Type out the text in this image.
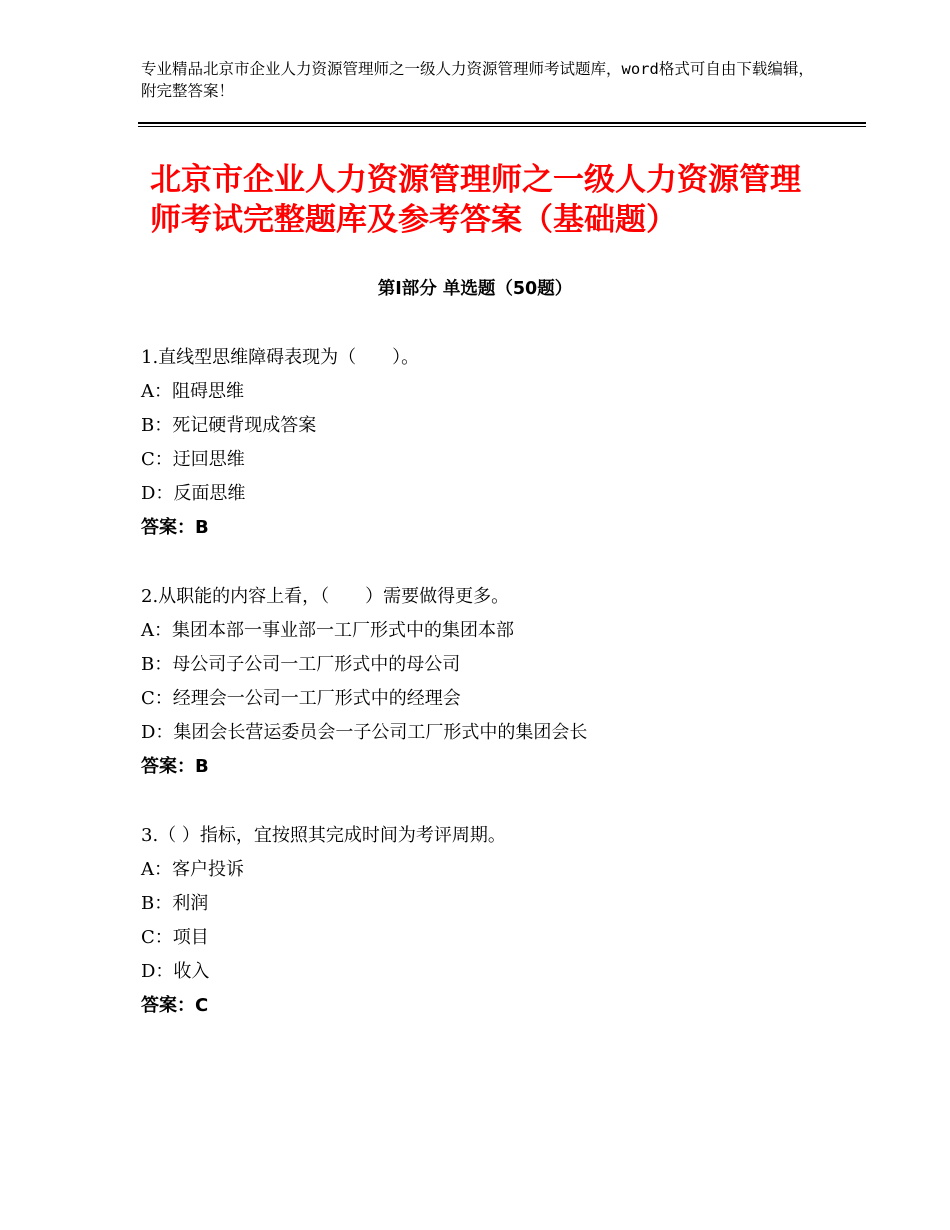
专业精品北京市企业人力资源管理师之一级人力资源管理师考试题库，word格式可自由下载编辑，附完整答案！
北京市企业人力资源管理师之一级人力资源管理师考试完整题库及参考答案（基础题）
第Ⅰ部分 单选题（50题）
1.直线型思维障碍表现为（　　）。
A：阻碍思维
B：死记硬背现成答案
C：迂回思维
D：反面思维
答案：B
2.从职能的内容上看，（　　）需要做得更多。
A：集团本部一事业部一工厂形式中的集团本部
B：母公司子公司一工厂形式中的母公司
C：经理会一公司一工厂形式中的经理会
D：集团会长营运委员会一子公司工厂形式中的集团会长
答案：B
3.（ ）指标，宜按照其完成时间为考评周期。
A：客户投诉
B：利润
C：项目
D：收入
答案：C
